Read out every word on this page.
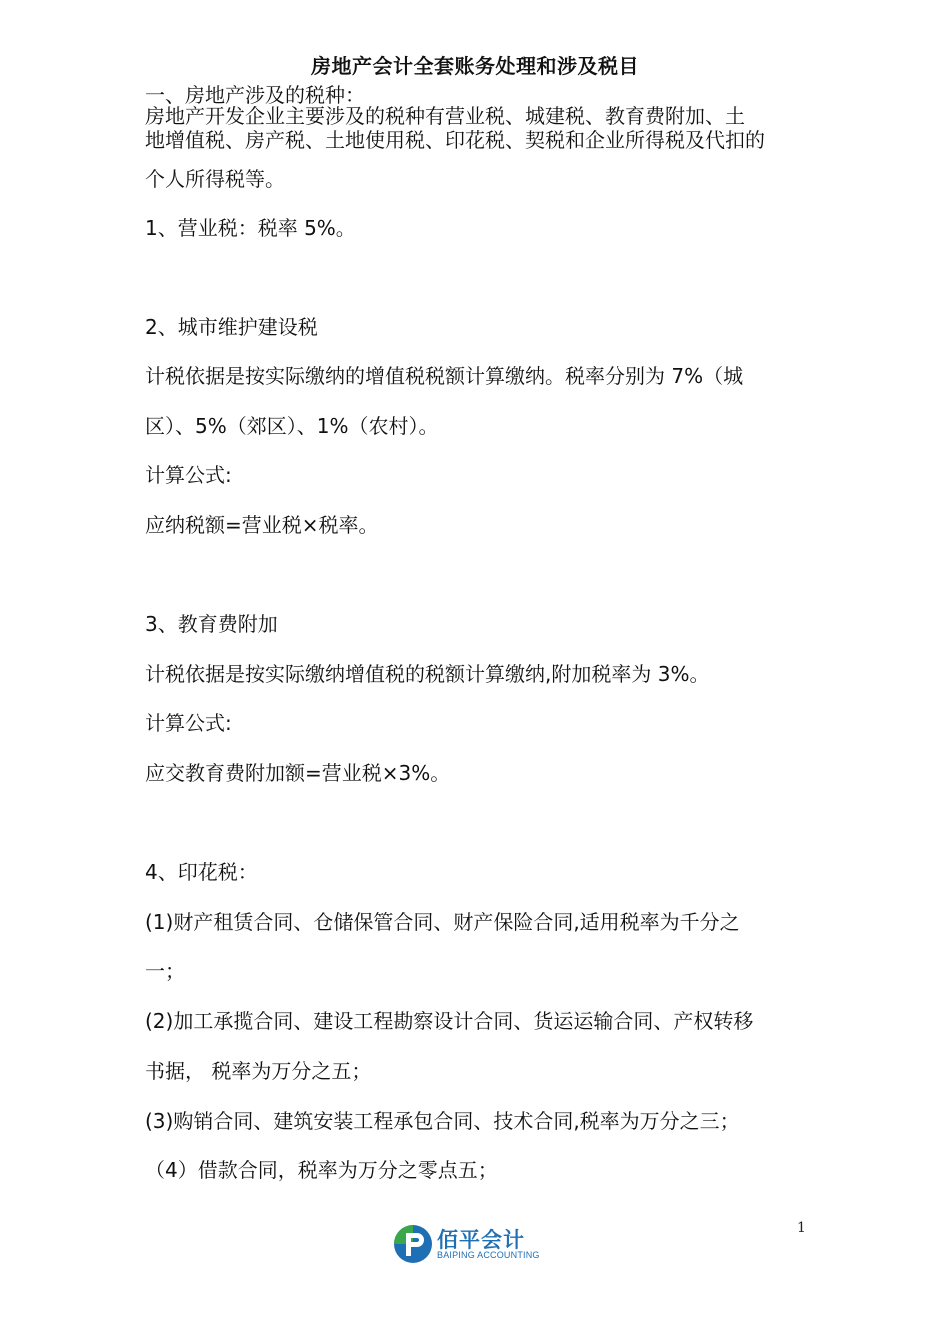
房地产会计全套账务处理和涉及税目
一、房地产涉及的税种：
房地产开发企业主要涉及的税种有营业税、城建税、教育费附加、土
地增值税、房产税、土地使用税、印花税、契税和企业所得税及代扣的
个人所得税等。
1、营业税：税率 5%。
2、城市维护建设税
计税依据是按实际缴纳的增值税税额计算缴纳。税率分别为 7%（城
区）、5%（郊区）、1%（农村）。
计算公式:
应纳税额=营业税×税率。
3、教育费附加
计税依据是按实际缴纳增值税的税额计算缴纳,附加税率为 3%。
计算公式:
应交教育费附加额=营业税×3%。
4、印花税：
(1)财产租赁合同、仓储保管合同、财产保险合同,适用税率为千分之
一；
(2)加工承揽合同、建设工程勘察设计合同、货运运输合同、产权转移
书据， 税率为万分之五；
(3)购销合同、建筑安装工程承包合同、技术合同,税率为万分之三；
（4）借款合同，税率为万分之零点五；
1
佰平会计
BAIPING ACCOUNTING
